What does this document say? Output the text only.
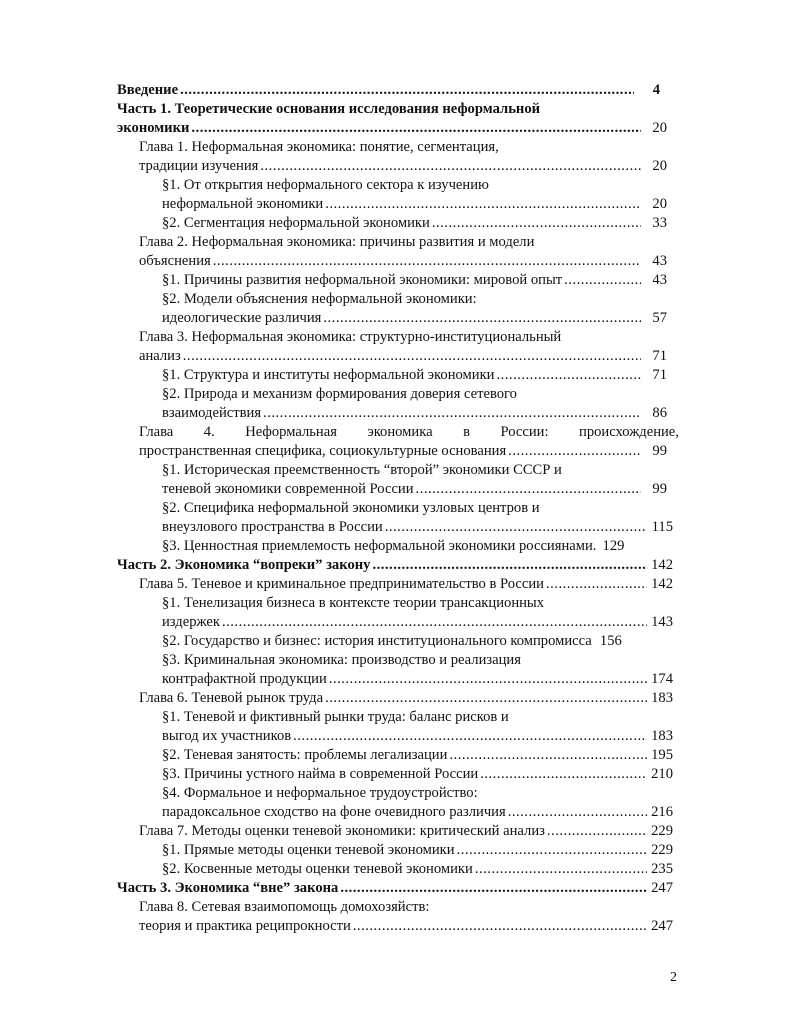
Введение .....	4
Часть 1. Теоретические основания исследования неформальной
экономики .....	20
Глава 1. Неформальная экономика: понятие, сегментация,
традиции изучения .....	20
§1. От открытия неформального сектора к изучению
неформальной экономики .....	20
§2. Сегментация неформальной экономики .....	33
Глава 2. Неформальная экономика: причины развития и модели
объяснения .....	43
§1. Причины развития неформальной экономики: мировой опыт .....	43
§2. Модели объяснения неформальной экономики:
идеологические различия .....	57
Глава 3. Неформальная экономика: структурно-институциональный
анализ .....	71
§1. Структура и институты неформальной экономики .....	71
§2. Природа и механизм формирования доверия сетевого
взаимодействия .....	86
Глава 4. Неформальная экономика в России: происхождение,
пространственная специфика, социокультурные основания .....	99
§1. Историческая преемственность “второй” экономики СССР и
теневой экономики современной России .....	99
§2. Специфика неформальной экономики узловых центров и
внеузлового пространства в России .....	115
§3. Ценностная приемлемость неформальной экономики россиянами. 129
Часть 2. Экономика “вопреки” закону .....	142
Глава 5. Теневое и криминальное предпринимательство в России .....	142
§1. Тенелизация бизнеса в контексте теории трансакционных
издержек .....	143
§2. Государство и бизнес: история институционального компромисса 156
§3. Криминальная экономика: производство и реализация
контрафактной продукции .....	174
Глава 6. Теневой рынок труда .....	183
§1. Теневой и фиктивный рынки труда: баланс рисков и
выгод их участников .....	183
§2. Теневая занятость: проблемы легализации .....	195
§3. Причины устного найма в современной России .....	210
§4. Формальное и неформальное трудоустройство:
парадоксальное сходство на фоне очевидного различия .....	216
Глава 7. Методы оценки теневой экономики: критический анализ .....	229
§1. Прямые методы оценки теневой экономики .....	229
§2. Косвенные методы оценки теневой экономики .....	235
Часть 3. Экономика “вне” закона .....	247
Глава 8. Сетевая взаимопомощь домохозяйств:
теория и практика реципрокности .....	247
2
